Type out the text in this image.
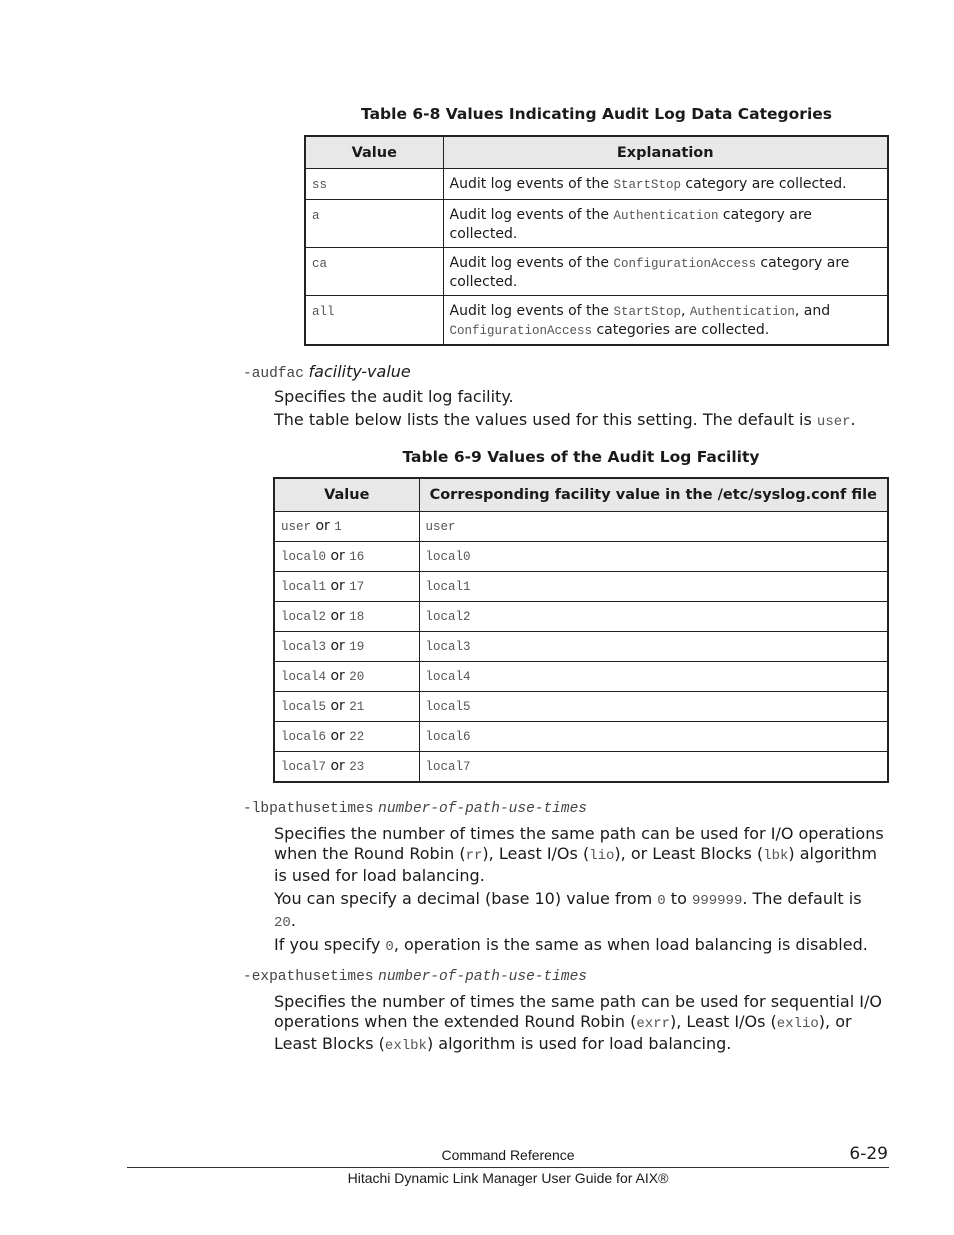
Table 6-8 Values Indicating Audit Log Data Categories
Value	Explanation
ss	Audit log events of the StartStop category are collected.
a	Audit log events of the Authentication category are collected.
ca	Audit log events of the ConfigurationAccess category are collected.
all	Audit log events of the StartStop, Authentication, and ConfigurationAccess categories are collected.
-audfac facility-value
Specifies the audit log facility.
The table below lists the values used for this setting. The default is user.
Table 6-9 Values of the Audit Log Facility
Value	Corresponding facility value in the /etc/syslog.conf file
user or 1	user
local0 or 16	local0
local1 or 17	local1
local2 or 18	local2
local3 or 19	local3
local4 or 20	local4
local5 or 21	local5
local6 or 22	local6
local7 or 23	local7
-lbpathusetimes number-of-path-use-times
Specifies the number of times the same path can be used for I/O operations when the Round Robin (rr), Least I/Os (lio), or Least Blocks (lbk) algorithm is used for load balancing.
You can specify a decimal (base 10) value from 0 to 999999. The default is 20.
If you specify 0, operation is the same as when load balancing is disabled.
-expathusetimes number-of-path-use-times
Specifies the number of times the same path can be used for sequential I/O operations when the extended Round Robin (exrr), Least I/Os (exlio), or Least Blocks (exlbk) algorithm is used for load balancing.
Command Reference	6-29
Hitachi Dynamic Link Manager User Guide for AIX®
